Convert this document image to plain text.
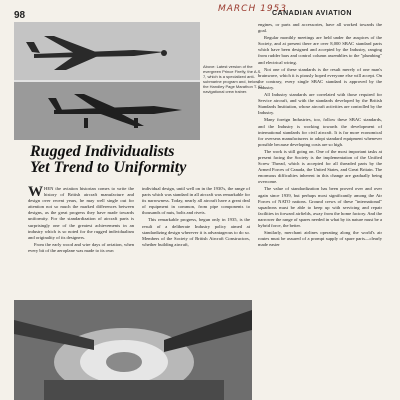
98
MARCH 1953
CANADIAN AVIATION
Above: Latest version of the evergreen Prince Firefly, the A.S. 7, which is a specialized anti-submarine program and, below, the Handley Page Marathon T. 11 navigational crew trainer.
Rugged Individualists
Yet Trend to Uniformity

WHEN the aviation historian comes to write the history of British aircraft manufacture and design over recent years, he may well single out for attention not so much the marked differences between designs, as the great progress they have made towards uniformity. For the standardization of aircraft parts is surprisingly one of the greatest achievements in an industry which is so noted for the rugged individualism and originality of its designers.

From the early wood and wire days of aviation, when every bit of the aeroplane was made to its own

individual design, until well on in the 1930's, the range of parts which was standard in all aircraft was remarkable for its narrowness. Today, nearly all aircraft have a great deal of equipment in common, from pipe components to thousands of nuts, bolts and rivets.

This remarkable progress, begun only in 1935, is the result of a deliberate Industry policy aimed at standardizing design wherever it is advantageous to do so. Members of the Society of British Aircraft Constructors, whether building aircraft,

engines, or parts and accessories, have all worked towards the goal.

Regular monthly meetings are held under the auspices of the Society, and at present there are over 8,000 SBAC standard parts which have been designed and accepted by the Industry, ranging from rudder bars and control column assemblies to the "plumbing" and electrical wiring.

Not one of these standards is the result merely of one man's brainwave, which it is piously hoped everyone else will accept. On the contrary, every single SBAC standard is approved by the Industry.

All Industry standards are correlated with those required for Service aircraft, and with the standards developed by the British Standards Institution, whose aircraft activities are controlled by the Industry.

Many foreign Industries, too, follow these SBAC standards, and the Industry is working towards the development of international standards for civil aircraft. It is far more economical for overseas manufacturers to adopt standard equipment whenever possible because developing costs are so high.

The work is still going on. One of the most important tasks at present facing the Society is the implementation of the Unified Screw Thread, which is accepted for all threaded parts by the Armed Forces of Canada, the United States, and Great Britain. The enormous difficulties inherent in this change are gradually being overcome.

The value of standardization has been proved over and over again since 1939, but perhaps most significantly among the Air Forces of NATO nations. Ground crews of these "international" squadrons must be able to keep up with servicing and repair facilities in forward airfields, away from the home factory. And the narrower the range of spares needed in what by its nature must be a hybrid force, the better.

Similarly, merchant airlines operating along the world's air routes must be assured of a prompt supply of spare parts—clearly made easier
